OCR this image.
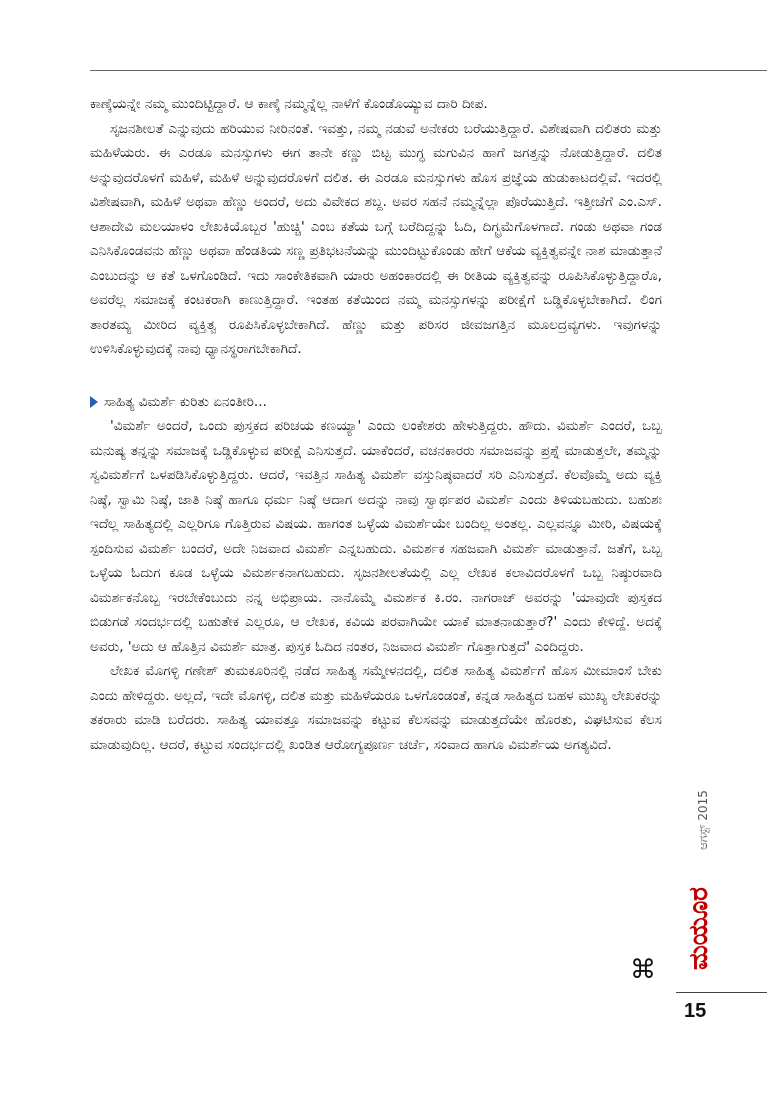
ಕಾಣ್ಕೆಯನ್ನೇ ನಮ್ಮ ಮುಂದಿಟ್ಟಿದ್ದಾರೆ. ಆ ಕಾಣ್ಕೆ ನಮ್ಮನ್ನೆಲ್ಲ ನಾಳೆಗೆ ಕೊಂಡೊಯ್ಯುವ ದಾರಿ ದೀಪ.

ಸೃಜನಶೀಲತೆ ಎನ್ನುವುದು ಹರಿಯುವ ನೀರಿನಂತೆ. ಇವತ್ತು, ನಮ್ಮ ನಡುವೆ ಅನೇಕರು ಬರೆಯುತ್ತಿದ್ದಾರೆ. ವಿಶೇಷವಾಗಿ ದಲಿತರು ಮತ್ತು ಮಹಿಳೆಯರು. ಈ ಎರಡೂ ಮನಸ್ಸುಗಳು ಈಗ ತಾನೇ ಕಣ್ಣು ಬಿಟ್ಟ ಮುಗ್ಧ ಮಗುವಿನ ಹಾಗೆ ಜಗತ್ತನ್ನು ನೋಡುತ್ತಿದ್ದಾರೆ. ದಲಿತ ಅನ್ನುವುದರೊಳಗೆ ಮಹಿಳೆ, ಮಹಿಳೆ ಅನ್ನುವುದರೊಳಗೆ ದಲಿತ. ಈ ಎರಡೂ ಮನಸ್ಸುಗಳು ಹೊಸ ಪ್ರಜ್ಞೆಯ ಹುಡುಕಾಟದಲ್ಲಿವೆ. ಇದರಲ್ಲಿ ವಿಶೇಷವಾಗಿ, ಮಹಿಳೆ ಅಥವಾ ಹೆಣ್ಣು ಅಂದರೆ, ಅದು ವಿವೇಕದ ಶಬ್ದ. ಅವರ ಸಹನೆ ನಮ್ಮನ್ನೆಲ್ಲಾ ಪೊರೆಯುತ್ತಿದೆ. ಇತ್ತೀಚೆಗೆ ಎಂ.ಎಸ್. ಆಶಾದೇವಿ ಮಲಯಾಳಂ ಲೇಖಕಿಯೊಬ್ಬರ 'ಹುಚ್ಚಿ' ಎಂಬ ಕತೆಯ ಬಗ್ಗೆ ಬರೆದಿದ್ದನ್ನು ಓದಿ, ದಿಗ್ಭ್ರಮೆಗೊಳಗಾದೆ. ಗಂಡು ಅಥವಾ ಗಂಡ ಎನಿಸಿಕೊಂಡವನು ಹೆಣ್ಣು ಅಥವಾ ಹೆಂಡತಿಯ ಸಣ್ಣ ಪ್ರತಿಭಟನೆಯನ್ನು ಮುಂದಿಟ್ಟುಕೊಂಡು ಹೇಗೆ ಆಕೆಯ ವ್ಯಕ್ತಿತ್ವವನ್ನೇ ನಾಶ ಮಾಡುತ್ತಾನೆ ಎಂಬುದನ್ನು ಆ ಕತೆ ಒಳಗೊಂಡಿದೆ. ಇದು ಸಾಂಕೇತಿಕವಾಗಿ ಯಾರು ಅಹಂಕಾರದಲ್ಲಿ ಈ ರೀತಿಯ ವ್ಯಕ್ತಿತ್ವವನ್ನು ರೂಪಿಸಿಕೊಳ್ಳುತ್ತಿದ್ದಾರೊ, ಅವರೆಲ್ಲ ಸಮಾಜಕ್ಕೆ ಕಂಟಕರಾಗಿ ಕಾಣುತ್ತಿದ್ದಾರೆ. ಇಂತಹ ಕತೆಯಿಂದ ನಮ್ಮ ಮನಸ್ಸುಗಳನ್ನು ಪರೀಕ್ಷೆಗೆ ಒಡ್ಡಿಕೊಳ್ಳಬೇಕಾಗಿದೆ. ಲಿಂಗ ತಾರತಮ್ಯ ಮೀರಿದ ವ್ಯಕ್ತಿತ್ವ ರೂಪಿಸಿಕೊಳ್ಳಬೇಕಾಗಿದೆ. ಹೆಣ್ಣು ಮತ್ತು ಪರಿಸರ ಜೀವಜಗತ್ತಿನ ಮೂಲದ್ರವ್ಯಗಳು. ಇವುಗಳನ್ನು ಉಳಿಸಿಕೊಳ್ಳುವುದಕ್ಕೆ ನಾವು ಧ್ಯಾನಸ್ಥರಾಗಬೇಕಾಗಿದೆ.

ಸಾಹಿತ್ಯ ವಿಮರ್ಶೆ ಕುರಿತು ಏನಂತೀರಿ...

'ವಿಮರ್ಶೆ ಅಂದರೆ, ಒಂದು ಪುಸ್ತಕದ ಪರಿಚಯ ಕಣಯ್ಯಾ' ಎಂದು ಲಂಕೇಶರು ಹೇಳುತ್ತಿದ್ದರು. ಹೌದು. ವಿಮರ್ಶೆ ಎಂದರೆ, ಒಬ್ಬ ಮನುಷ್ಯ ತನ್ನನ್ನು ಸಮಾಜಕ್ಕೆ ಒಡ್ಡಿಕೊಳ್ಳುವ ಪರೀಕ್ಷೆ ಎನಿಸುತ್ತದೆ. ಯಾಕೆಂದರೆ, ವಚನಕಾರರು ಸಮಾಜವನ್ನು ಪ್ರಶ್ನೆ ಮಾಡುತ್ತಲೇ, ತಮ್ಮನ್ನು ಸ್ವವಿಮರ್ಶೆಗೆ ಒಳಪಡಿಸಿಕೊಳ್ಳುತ್ತಿದ್ದರು. ಆದರೆ, ಇವತ್ತಿನ ಸಾಹಿತ್ಯ ವಿಮರ್ಶೆ ವಸ್ತುನಿಷ್ಠವಾದರೆ ಸರಿ ಎನಿಸುತ್ತದೆ. ಕೆಲವೊಮ್ಮೆ ಅದು ವ್ಯಕ್ತಿ ನಿಷ್ಠೆ, ಸ್ವಾಮಿ ನಿಷ್ಠೆ, ಜಾತಿ ನಿಷ್ಠೆ ಹಾಗೂ ಧರ್ಮ ನಿಷ್ಠೆ ಆದಾಗ ಅದನ್ನು ನಾವು ಸ್ವಾರ್ಥಪರ ವಿಮರ್ಶೆ ಎಂದು ತಿಳಿಯಬಹುದು. ಬಹುಶಃ ಇದೆಲ್ಲ ಸಾಹಿತ್ಯದಲ್ಲಿ ಎಲ್ಲರಿಗೂ ಗೊತ್ತಿರುವ ವಿಷಯ. ಹಾಗಂತ ಒಳ್ಳೆಯ ವಿಮರ್ಶೆಯೇ ಬಂದಿಲ್ಲ ಅಂತಲ್ಲ. ಎಲ್ಲವನ್ನೂ ಮೀರಿ, ವಿಷಯಕ್ಕೆ ಸ್ಪಂದಿಸುವ ವಿಮರ್ಶೆ ಬಂದರೆ, ಅದೇ ನಿಜವಾದ ವಿಮರ್ಶೆ ಎನ್ನಬಹುದು. ವಿಮರ್ಶಕ ಸಹಜವಾಗಿ ವಿಮರ್ಶೆ ಮಾಡುತ್ತಾನೆ. ಜತೆಗೆ, ಒಬ್ಬ ಒಳ್ಳೆಯ ಓದುಗ ಕೂಡ ಒಳ್ಳೆಯ ವಿಮರ್ಶಕನಾಗಬಹುದು. ಸೃಜನಶೀಲತೆಯಲ್ಲಿ ಎಲ್ಲ ಲೇಖಕ ಕಲಾವಿದರೊಳಗೆ ಒಬ್ಬ ನಿಷ್ಠುರವಾದಿ ವಿಮರ್ಶಕನೊಬ್ಬ ಇರಬೇಕೆಂಬುದು ನನ್ನ ಅಭಿಪ್ರಾಯ. ನಾನೊಮ್ಮೆ ವಿಮರ್ಶಕ ಕಿ.ರಂ. ನಾಗರಾಜ್ ಅವರನ್ನು 'ಯಾವುದೇ ಪುಸ್ತಕದ ಬಿಡುಗಡೆ ಸಂದರ್ಭದಲ್ಲಿ ಬಹುತೇಕ ಎಲ್ಲರೂ, ಆ ಲೇಖಕ, ಕವಿಯ ಪರವಾಗಿಯೇ ಯಾಕೆ ಮಾತನಾಡುತ್ತಾರೆ?' ಎಂದು ಕೇಳಿದ್ದೆ. ಅದಕ್ಕೆ ಅವರು, 'ಅದು ಆ ಹೊತ್ತಿನ ವಿಮರ್ಶೆ ಮಾತ್ರ. ಪುಸ್ತಕ ಓದಿದ ನಂತರ, ನಿಜವಾದ ವಿಮರ್ಶೆ ಗೊತ್ತಾಗುತ್ತದೆ' ಎಂದಿದ್ದರು.

ಲೇಖಕ ಮೊಗಳ್ಳಿ ಗಣೇಶ್ ತುಮಕೂರಿನಲ್ಲಿ ನಡೆದ ಸಾಹಿತ್ಯ ಸಮ್ಮೇಳನದಲ್ಲಿ, ದಲಿತ ಸಾಹಿತ್ಯ ವಿಮರ್ಶೆಗೆ ಹೊಸ ಮೀಮಾಂಸೆ ಬೇಕು ಎಂದು ಹೇಳಿದ್ದರು. ಅಲ್ಲದೆ, ಇದೇ ಮೊಗಳ್ಳಿ, ದಲಿತ ಮತ್ತು ಮಹಿಳೆಯರೂ ಒಳಗೊಂಡಂತೆ, ಕನ್ನಡ ಸಾಹಿತ್ಯದ ಬಹಳ ಮುಖ್ಯ ಲೇಖಕರನ್ನು ತಕರಾರು ಮಾಡಿ ಬರೆದರು. ಸಾಹಿತ್ಯ ಯಾವತ್ತೂ ಸಮಾಜವನ್ನು ಕಟ್ಟುವ ಕೆಲಸವನ್ನು ಮಾಡುತ್ತದೆಯೇ ಹೊರತು, ವಿಘಟಿಸುವ ಕೆಲಸ ಮಾಡುವುದಿಲ್ಲ. ಆದರೆ, ಕಟ್ಟುವ ಸಂದರ್ಭದಲ್ಲಿ ಖಂಡಿತ ಆರೋಗ್ಯಪೂರ್ಣ ಚರ್ಚೆ, ಸಂವಾದ ಹಾಗೂ ವಿಮರ್ಶೆಯ ಅಗತ್ಯವಿದೆ.

⌘
ಆಗಸ್ಟ್ 2015
ಮಯೂರ
15
